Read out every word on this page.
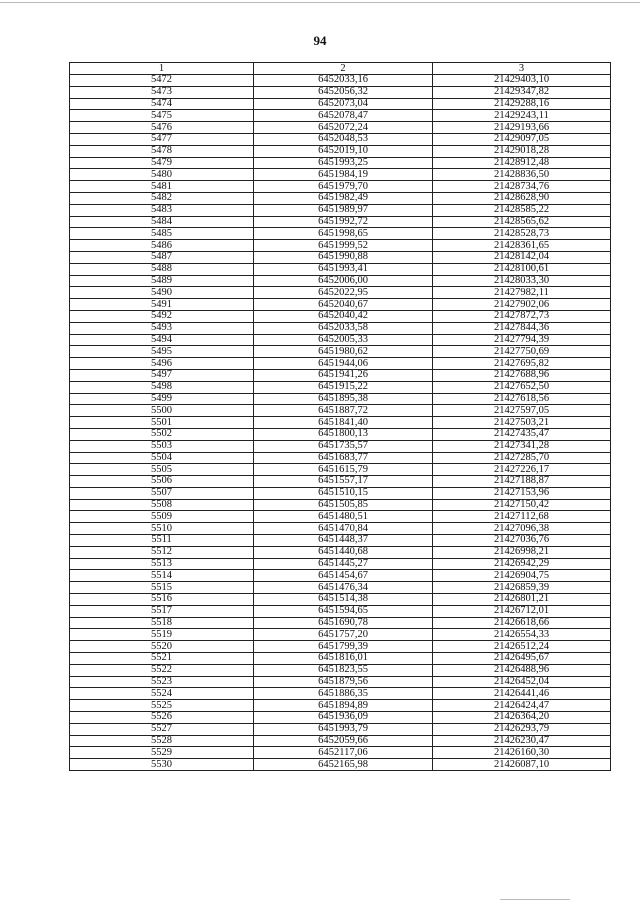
94
1	2	3
5472	6452033,16	21429403,10
5473	6452056,32	21429347,82
5474	6452073,04	21429288,16
5475	6452078,47	21429243,11
5476	6452072,24	21429193,66
5477	6452048,53	21429097,05
5478	6452019,10	21429018,28
5479	6451993,25	21428912,48
5480	6451984,19	21428836,50
5481	6451979,70	21428734,76
5482	6451982,49	21428628,90
5483	6451989,97	21428585,22
5484	6451992,72	21428565,62
5485	6451998,65	21428528,73
5486	6451999,52	21428361,65
5487	6451990,88	21428142,04
5488	6451993,41	21428100,61
5489	6452006,00	21428033,30
5490	6452022,95	21427982,11
5491	6452040,67	21427902,06
5492	6452040,42	21427872,73
5493	6452033,58	21427844,36
5494	6452005,33	21427794,39
5495	6451980,62	21427750,69
5496	6451944,06	21427695,82
5497	6451941,26	21427688,96
5498	6451915,22	21427652,50
5499	6451895,38	21427618,56
5500	6451887,72	21427597,05
5501	6451841,40	21427503,21
5502	6451800,13	21427435,47
5503	6451735,57	21427341,28
5504	6451683,77	21427285,70
5505	6451615,79	21427226,17
5506	6451557,17	21427188,87
5507	6451510,15	21427153,96
5508	6451505,85	21427150,42
5509	6451480,51	21427112,68
5510	6451470,84	21427096,38
5511	6451448,37	21427036,76
5512	6451440,68	21426998,21
5513	6451445,27	21426942,29
5514	6451454,67	21426904,75
5515	6451476,34	21426859,39
5516	6451514,38	21426801,21
5517	6451594,65	21426712,01
5518	6451690,78	21426618,66
5519	6451757,20	21426554,33
5520	6451799,39	21426512,24
5521	6451816,01	21426495,67
5522	6451823,55	21426488,96
5523	6451879,56	21426452,04
5524	6451886,35	21426441,46
5525	6451894,89	21426424,47
5526	6451936,09	21426364,20
5527	6451993,79	21426293,79
5528	6452059,66	21426230,47
5529	6452117,06	21426160,30
5530	6452165,98	21426087,10
